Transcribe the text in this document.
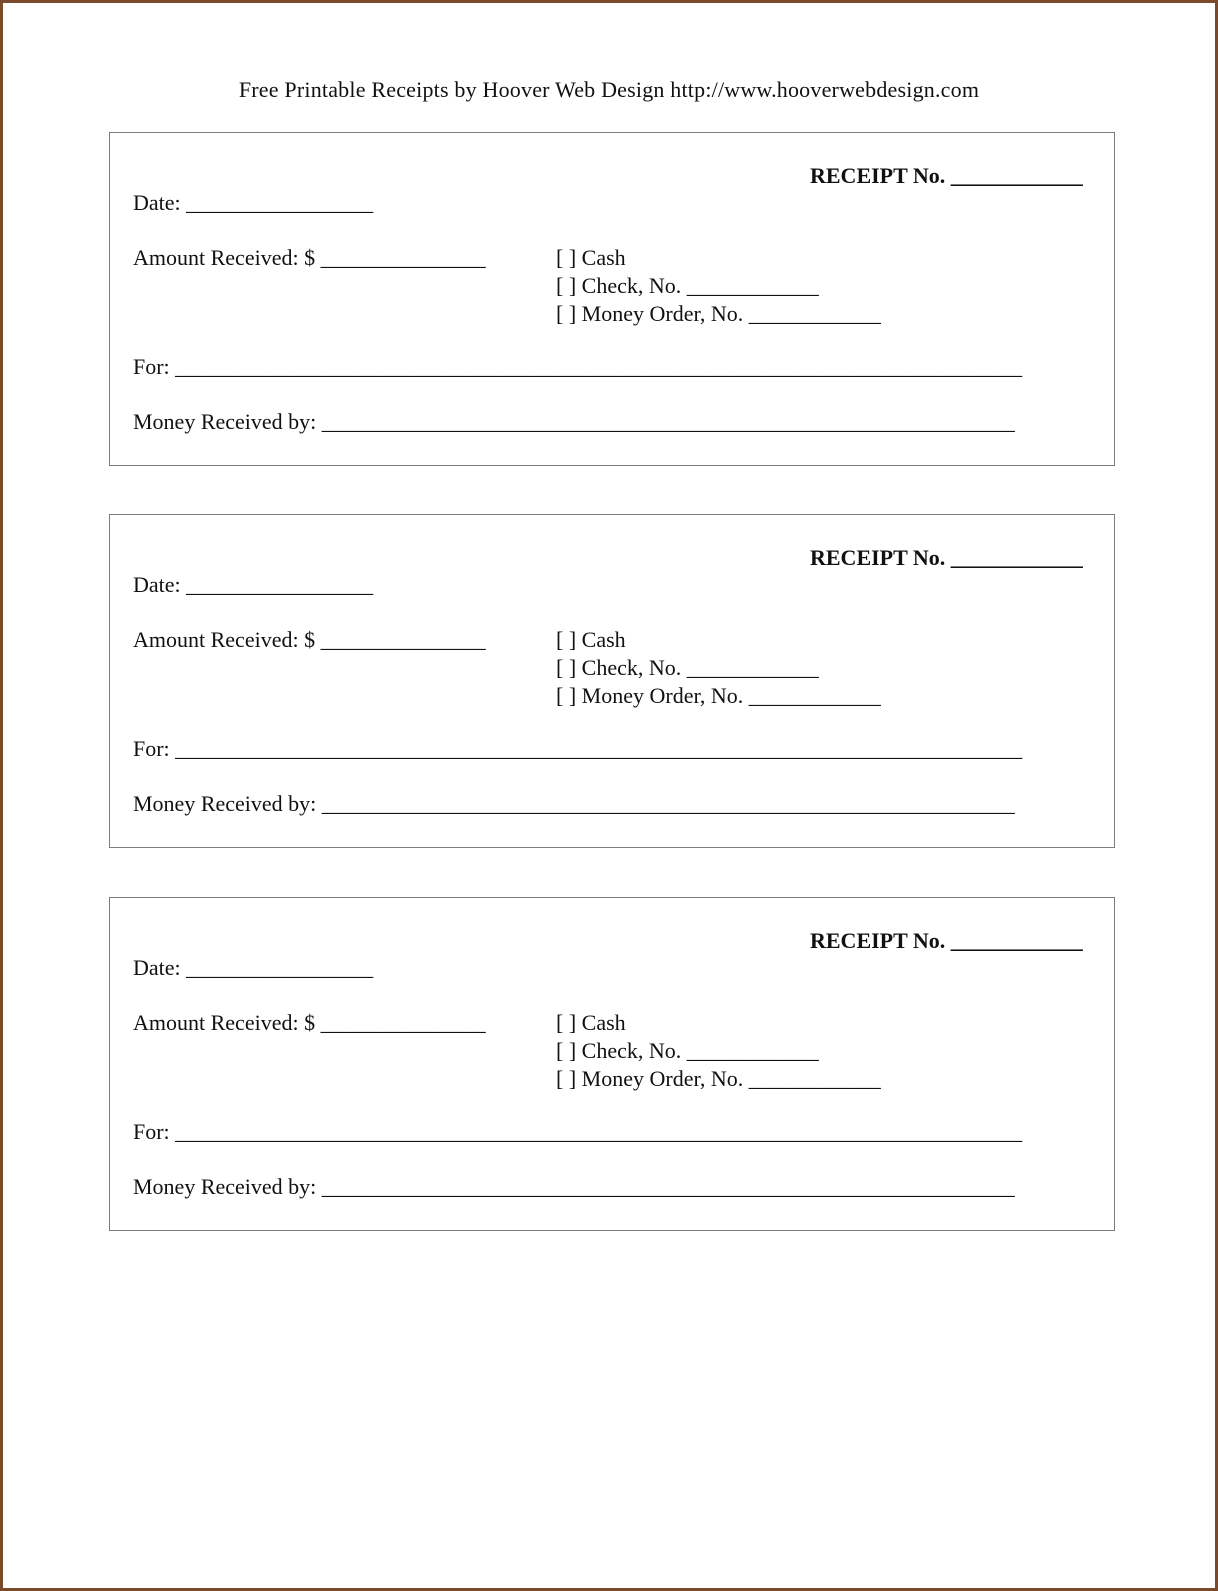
Free Printable Receipts by Hoover Web Design http://www.hooverwebdesign.com
RECEIPT No. ____________
Date: _________________
Amount Received: $ _______________	[ ] Cash
[ ] Check, No. ____________
[ ] Money Order, No. ____________
For: _____________________________________________________________________________
Money Received by: _______________________________________________________________
RECEIPT No. ____________
Date: _________________
Amount Received: $ _______________	[ ] Cash
[ ] Check, No. ____________
[ ] Money Order, No. ____________
For: _____________________________________________________________________________
Money Received by: _______________________________________________________________
RECEIPT No. ____________
Date: _________________
Amount Received: $ _______________	[ ] Cash
[ ] Check, No. ____________
[ ] Money Order, No. ____________
For: _____________________________________________________________________________
Money Received by: _______________________________________________________________
